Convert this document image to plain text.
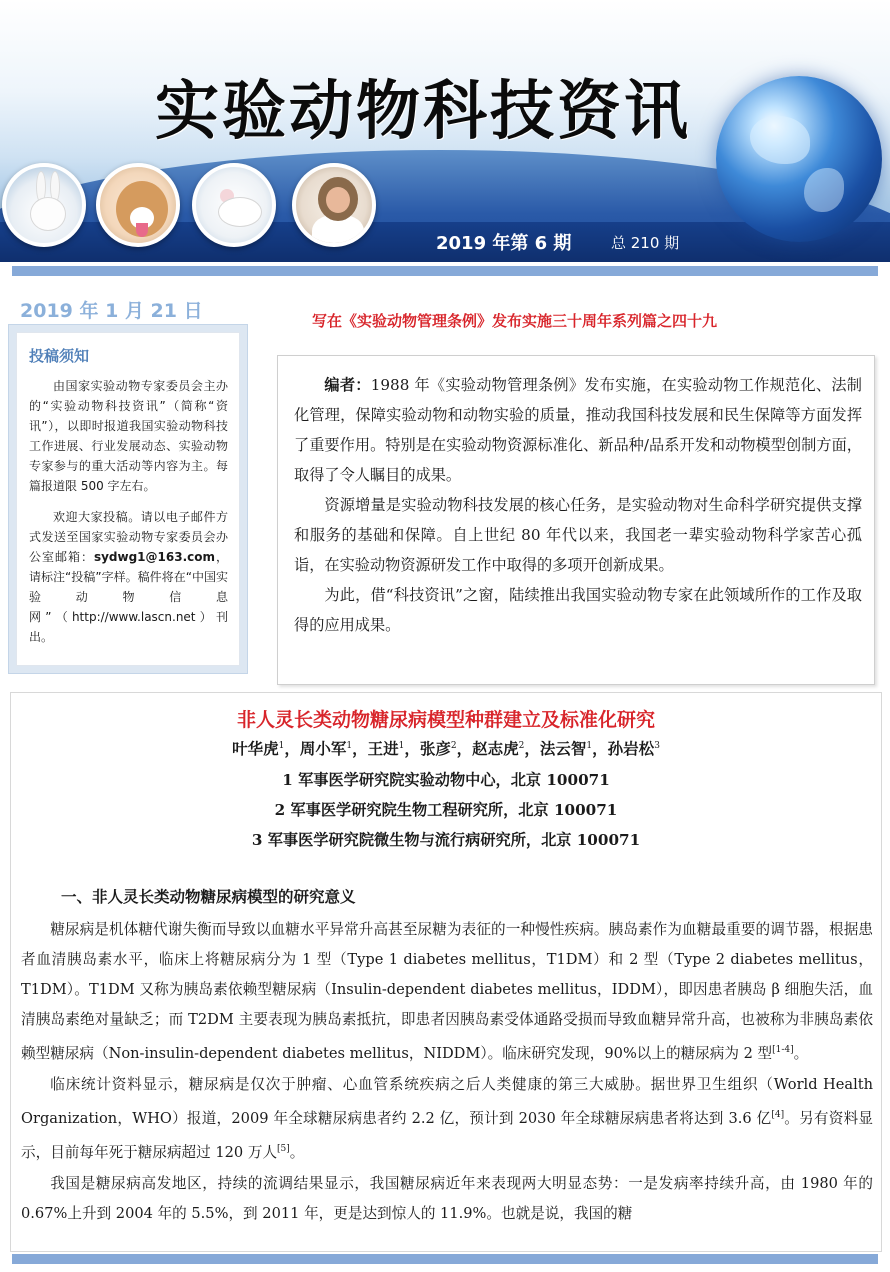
实验动物科技资讯
2019 年第 6 期	总 210 期
2019 年 1 月 21 日
投稿须知

由国家实验动物专家委员会主办的“实验动物科技资讯”（简称“资讯”），以即时报道我国实验动物科技工作进展、行业发展动态、实验动物专家参与的重大活动等内容为主。每篇报道限 500 字左右。

欢迎大家投稿。请以电子邮件方式发送至国家实验动物专家委员会办公室邮箱：sydwg1@163.com，请标注“投稿”字样。稿件将在“中国实验动物信息网”（http://www.lascn.net）刊出。

写在《实验动物管理条例》发布实施三十周年系列篇之四十九

编者：1988 年《实验动物管理条例》发布实施，在实验动物工作规范化、法制化管理，保障实验动物和动物实验的质量，推动我国科技发展和民生保障等方面发挥了重要作用。特别是在实验动物资源标准化、新品种/品系开发和动物模型创制方面，取得了令人瞩目的成果。

资源增量是实验动物科技发展的核心任务，是实验动物对生命科学研究提供支撑和服务的基础和保障。自上世纪 80 年代以来，我国老一辈实验动物科学家苦心孤诣，在实验动物资源研发工作中取得的多项开创新成果。

为此，借“科技资讯”之窗，陆续推出我国实验动物专家在此领域所作的工作及取得的应用成果。

非人灵长类动物糖尿病模型种群建立及标准化研究
叶华虎$^1$，周小军$^1$，王进$^1$，张彦$^2$，赵志虎$^2$，法云智$^1$，孙岩松$^3$
1 军事医学研究院实验动物中心，北京 100071
2 军事医学研究院生物工程研究所，北京 100071
3 军事医学研究院微生物与流行病研究所，北京 100071
一、非人灵长类动物糖尿病模型的研究意义

糖尿病是机体糖代谢失衡而导致以血糖水平异常升高甚至尿糖为表征的一种慢性疾病。胰岛素作为血糖最重要的调节器，根据患者血清胰岛素水平，临床上将糖尿病分为 1 型（Type 1 diabetes mellitus，T1DM）和 2 型（Type 2 diabetes mellitus，T1DM）。T1DM 又称为胰岛素依赖型糖尿病（Insulin-dependent diabetes mellitus，IDDM），即因患者胰岛 β 细胞失活，血清胰岛素绝对量缺乏；而 T2DM 主要表现为胰岛素抵抗，即患者因胰岛素受体通路受损而导致血糖异常升高，也被称为非胰岛素依赖型糖尿病（Non-insulin-dependent diabetes mellitus，NIDDM）。临床研究发现，90%以上的糖尿病为 2 型[1-4]。

临床统计资料显示，糖尿病是仅次于肿瘤、心血管系统疾病之后人类健康的第三大威胁。据世界卫生组织（World Health Organization，WHO）报道，2009 年全球糖尿病患者约 2.2 亿，预计到 2030 年全球糖尿病患者将达到 3.6 亿[4]。另有资料显示，目前每年死于糖尿病超过 120 万人[5]。

我国是糖尿病高发地区，持续的流调结果显示，我国糖尿病近年来表现两大明显态势：一是发病率持续升高，由 1980 年的 0.67%上升到 2004 年的 5.5%，到 2011 年，更是达到惊人的 11.9%。也就是说，我国的糖
